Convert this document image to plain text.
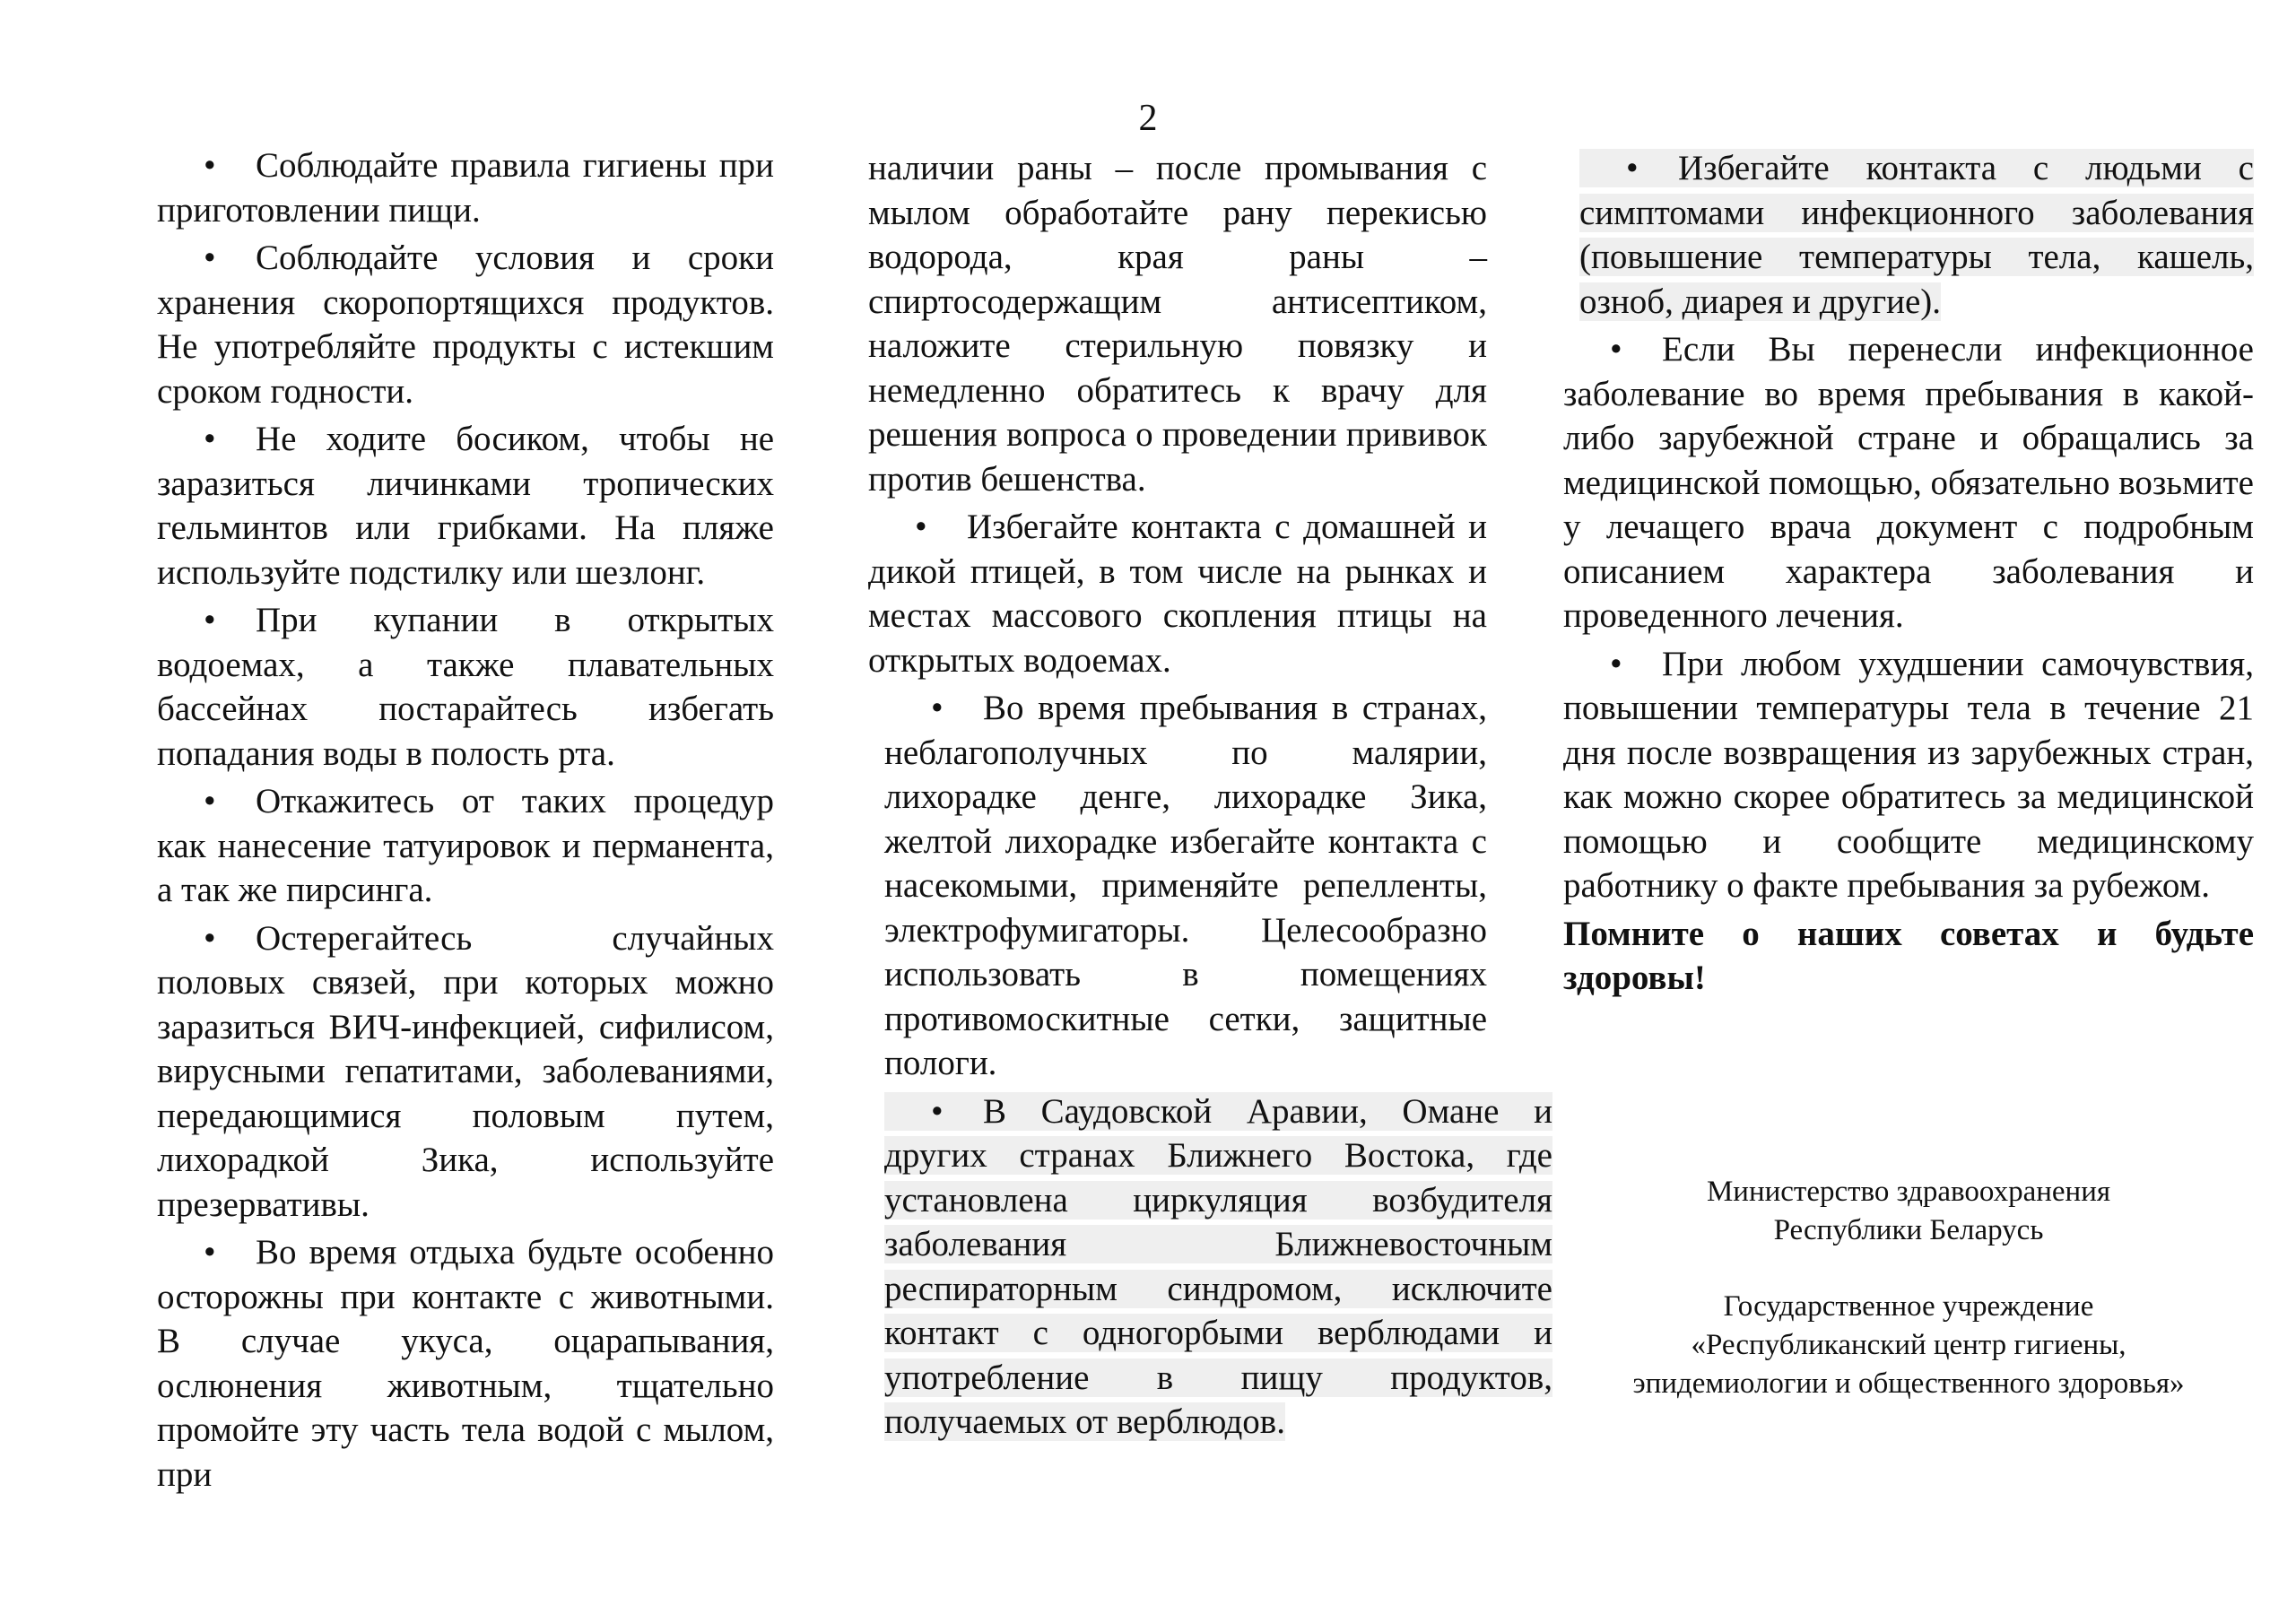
2

• Соблюдайте правила гигиены при приготовлении пищи.

• Соблюдайте условия и сроки хранения скоропортящихся продуктов. Не употребляйте продукты с истекшим сроком годности.

• Не ходите босиком, чтобы не заразиться личинками тропических гельминтов или грибками. На пляже используйте подстилку или шезлонг.

• При купании в открытых водоемах, а также плавательных бассейнах постарайтесь избегать попадания воды в полость рта.

• Откажитесь от таких процедур как нанесение татуировок и перманента, а так же пирсинга.

• Остерегайтесь случайных половых связей, при которых можно заразиться ВИЧ-инфекцией, сифилисом, вирусными гепатитами, заболеваниями, передающимися половым путем, лихорадкой Зика, используйте презервативы.

• Во время отдыха будьте особенно осторожны при контакте с животными. В случае укуса, оцарапывания, ослюнения животным, тщательно промойте эту часть тела водой с мылом, при

наличии раны – после промывания с мылом обработайте рану перекисью водорода, края раны – спиртосодержащим антисептиком, наложите стерильную повязку и немедленно обратитесь к врачу для решения вопроса о проведении прививок против бешенства.

• Избегайте контакта с домашней и дикой птицей, в том числе на рынках и местах массового скопления птицы на открытых водоемах.

• Во время пребывания в странах, неблагополучных по малярии, лихорадке денге, лихорадке Зика, желтой лихорадке избегайте контакта с насекомыми, применяйте репелленты, электрофумигаторы. Целесообразно использовать в помещениях противомоскитные сетки, защитные пологи.

• В Саудовской Аравии, Омане и других странах Ближнего Востока, где установлена циркуляция возбудителя заболевания Ближневосточным респираторным синдромом, исключите контакт с одногорбыми верблюдами и употребление в пищу продуктов, получаемых от верблюдов.

• Избегайте контакта с людьми с симптомами инфекционного заболевания (повышение температуры тела, кашель, озноб, диарея и другие).

• Если Вы перенесли инфекционное заболевание во время пребывания в какой-либо зарубежной стране и обращались за медицинской помощью, обязательно возьмите у лечащего врача документ с подробным описанием характера заболевания и проведенного лечения.

• При любом ухудшении самочувствия, повышении температуры тела в течение 21 дня после возвращения из зарубежных стран, как можно скорее обратитесь за медицинской помощью и сообщите медицинскому работнику о факте пребывания за рубежом.

Помните о наших советах и будьте здоровы!

Министерство здравоохранения

Республики Беларусь

Государственное учреждение

«Республиканский центр гигиены,

эпидемиологии и общественного здоровья»
